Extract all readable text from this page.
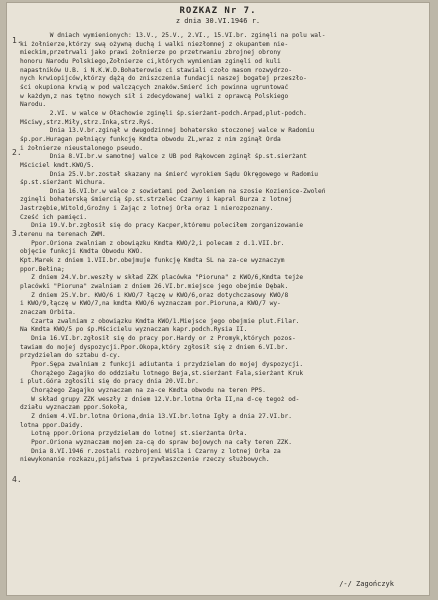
ROZKAZ Nr 7.
z dnia 30.VI.1946 r.
1.
2.
3.
4.
W dniach wymienionych: 13.V., 25.V., 2.VI., 15.VI.br. zginęli na polu wal-
ki żołnierze,którzy swą ożywną duchą i walki niezłomnej z okupantem nie-
mieckim,przetrwali jako prawi żołnierze po przetrwaniu zbrojnej obrony
honoru Narodu Polskiego,Żołnierze ci,których wymieniam zginęli od kuli
napastników U.B. i N.K.W.D.Bohaterowie ci stawiali czoło masom rozwydrzo-
nych krwiopijców,którzy dążą do zniszczenia fundacji naszej bogatej przeszło-
ści okupiona krwią w pod walczących znaków.Śmierć ich powinna ugruntować
w każdym,z nas tętno nowych sił i zdecydowanej walki z oprawcą Polskiego
Narodu.
2.VI. w walce w Ołachowie zginęli śp.sierżant-podch.Arpad,plut-podch.
Mściwy,strz.Miły,strz.Inka,strz.Ryś.
Dnia 13.V.br.zginął w dwugodzinnej bohatersko stoczonej walce w Radomiu
śp.por.Huragan pełniący funkcję Kmdta obwodu ZL,wraz z nim zginął Orda
i żołnierze nieustalonego pseudo.
Dnia 8.VI.br.w samotnej walce z UB pod Rąkowcem zginął śp.st.sierżant
Mściciel kmdt.KWO/5.
Dnia 25.V.br.został skazany na śmierć wyrokiem Sądu Okręgowego w Radomiu
śp.st.sierżant Wichura.
Dnia 16.VI.br.w walce z sowietami pod Zwoleniem na szosie Kozienice-Zwoleń
zginęli bohaterską śmiercią śp.st.strzelec Czarny i kapral Burza z lotnej
Jastrzębie,Witold,Groźny i Zając z lotnej Orła oraz 1 nierozpoznany.
Cześć ich pamięci.
Dnia 19.V.br.zgłosił się do pracy Kacper,któremu poleciłem zorganizowanie
terenu na terenach ZWM.
Ppor.Oriona zwalniam z obowiązku Kmdta KWO/2,i polecam z d.1.VII.br.
objęcie funkcji Kmdta Obwodu KWO.
Kpt.Marek z dniem 1.VII.br.obejmuje funkcję Kmdta SL na za-ce wyznaczym
ppor.Bełina;
Z dniem 24.V.br.weszły w skład ZZK placówka "Pioruna" z KWO/6,Kmdta tejże
placówki "Pioruna" zwalniam z dniem 26.VI.br.miejsce jego obejmie Dębak.
Z dniem 25.V.br. KWO/6 i KWO/7 łączę w KWO/6,oraz dotychczasowy KWO/8
i KWO/9,łączę w KWO/7,na kmdta KWO/6 wyznaczam por.Pioruna,a KWO/7 wy-
znaczam Orbita.
Czarta zwalniam z obowiązku Kmdta KWO/1.Miejsce jego obejmie plut.Filar.
Na Kmdta KWO/5 po śp.Mścicielu wyznaczam kapr.podch.Rysia II.
Dnia 16.VI.br.zgłosił się do pracy por.Hardy or z Promyk,których pozos-
tawiam do mojej dyspozycji.Ppor.Okopa,który zgłosił się z dniem 6.VI.br.
przydzielam do sztabu d-cy.
Ppor.Sępa zwalniam z funkcji adiutanta i przydzielam do mojej dyspozycji.
Chorążego Zagajko do oddziału lotnego Beja,st.sierżant Fala,sierżant Kruk
i plut.Góra zgłosili się do pracy dnia 20.VI.br.
Chorążego Zagajko wyznaczam na za-ce Kmdta obwodu na teren PPS.
W skład grupy ZZK weszły z dniem 12.V.br.lotna Orła II,na d-cę tegoż od-
działu wyznaczam ppor.Sokoła,
Z dniem 4.VI.br.lotna Oriona,dnia 13.VI.br.lotna Igły a dnia 27.VI.br.
lotna ppor.Daidy.
Lotną ppor.Oriona przydzielam do lotnej st.sierżanta Orła.
Ppor.Oriona wyznaczam mojem za-cą do spraw bojowych na cały teren ZZK.
Dnia 8.VI.1946 r.zostali rozbrojeni Wiśla i Czarny z lotnej Orła za
niewykonanie rozkazu,pijaństwa i przywłaszczenie rzeczy służbowych.
/-/ Zagończyk
